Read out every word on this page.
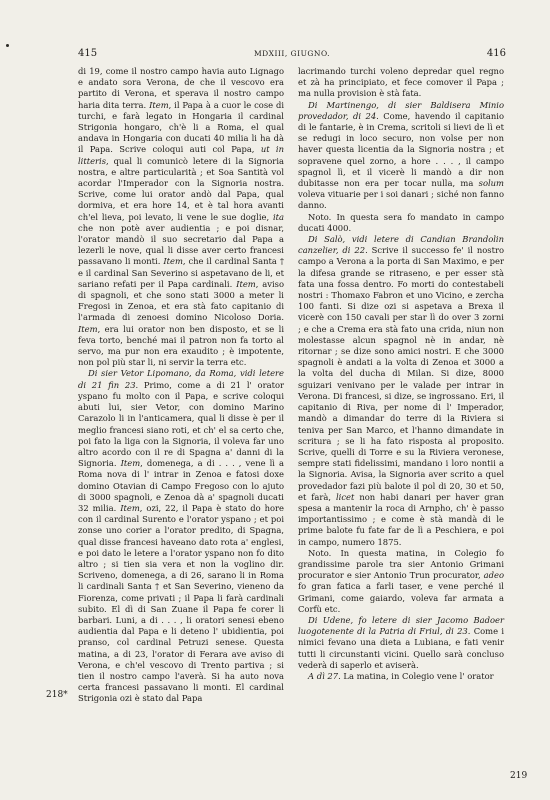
415	MDXIII, GIUGNO.	416

di 19, come il nostro campo havia auto Lignago e andato sora Verona, de che il vescovo era partito di Verona, et sperava il nostro campo haria dita terra. Item, il Papa à a cuor le cose di turchi, e farà legato in Hongaria il cardinal Strigonia hongaro, ch'è li a Roma, el qual andava in Hongaria con ducati 40 milia li ha dà il Papa. Scrive coloqui auti col Papa, ut in litteris, qual li comunicò letere di la Signoria nostra, e altre particularità ; et Soa Santità vol acordar l'Imperador con la Signoria nostra. Scrive, come lui orator andò dal Papa, qual dormiva, et era hore 14, et è tal hora avanti ch'el lieva, poi levato, li vene le sue doglie, ita che non potè aver audientia ; e poi disnar, l'orator mandò il suo secretario dal Papa a lezerli le nove, qual li disse aver certo francesi passavano li monti. Item, che il cardinal Santa † e il cardinal San Severino si aspetavano de li, et sariano refati per il Papa cardinali. Item, aviso di spagnoli, et che sono stati 3000 a meter li Fregosi in Zenoa, et era stà fato capitanio di l'armada di zenoesi domino Nicoloso Doria. Item, era lui orator non ben disposto, et se li feva torto, benché mai il patron non fa torto al servo, ma pur non era exaudito ; è impotente, non pol più star li, ni servir la terra etc.

Di sier Vetor Lipomano, da Roma, vidi letere di 21 fin 23. Primo, come a di 21 l' orator yspano fu molto con il Papa, e scrive coloqui abuti lui, sier Vetor, con domino Marino Carazolo li in l'anticamera, qual li disse è per il meglio francesi siano roti, et ch' el sa certo che, poi fato la liga con la Signoria, il voleva far uno altro acordo con il re di Spagna a' danni di la Signoria. Item, domenega, a di . . . , vene lì a Roma nova di l' intrar in Zenoa e fatosi doxe domino Otavian di Campo Fregoso con lo ajuto di 3000 spagnoli, e Zenoa dà a' spagnoli ducati 32 milia. Item, ozi, 22, il Papa è stato do hore con il cardinal Surento e l'orator yspano ; et poi zonse uno corier a l'orator predito, di Spagna, qual disse francesi haveano dato rota a' englesi, e poi dato le letere a l'orator yspano non fo dito altro ; si tien sia vera et non la voglino dir. Scriveno, domenega, a di 26, sarano li in Roma li cardinali Santa † et San Severino, vieneno da Fiorenza, come privati ; il Papa li farà cardinali subito. El dì di San Zuane il Papa fe corer li barbari. Luni, a di . . . , li oratori senesi ebeno audientia dal Papa e li deteno l' ubidientia, poi pranso, col cardinal Petruzi senese. Questa matina, a di 23, l'orator di Ferara ave aviso di Verona, e ch'el vescovo di Trento partiva ; si tien il nostro campo l'averà. Si ha auto nova certa francesi passavano li monti. El cardinal Strigonia ozi è stato dal Papa

lacrimando turchi voleno depredar quel regno et zà ha principiato, et fece comover il Papa ; ma nulla provision è stà fata.

Di Martinengo, di sier Baldisera Minio provedador, di 24. Come, havendo il capitanio di le fantarie, è in Crema, scritoli si lievi de lì et se redugi in loco securo, non volse per non haver questa licentia da la Signoria nostra ; et sopravene quel zorno, a hore . . . , il campo spagnol lì, et il vicerè li mandò a dir non dubitasse non era per tocar nulla, ma solum voleva vituarie per i soi danari ; siché non fanno danno.

Noto. In questa sera fo mandato in campo ducati 4000.

Di Salò, vidi letere di Candian Brandolin canzelier, di 22. Scrive il successo fe' il nostro campo a Verona a la porta di San Maximo, e per la difesa grande se ritraseno, e per esser stà fata una fossa dentro. Fo morti do contestabeli nostri : Thomaxo Fabron et uno Vicino, e zercha 100 fanti. Si dize ozi si aspetava a Brexa il vicerè con 150 cavali per star lì do over 3 zorni ; e che a Crema era stà fato una crida, niun non molestasse alcun spagnol nè in andar, nè ritornar ; se dize sono amici nostri. E che 3000 spagnoli è andati a la volta di Zenoa et 3000 a la volta del ducha di Milan. Si dize, 8000 sguizari venivano per le valade per intrar in Verona. Di francesi, si dize, se ingrossano. Eri, il capitanio di Riva, per nome di l' Imperador, mandò a dimandar do terre di la Riviera si teniva per San Marco, et l'hanno dimandate in scritura ; se li ha fato risposta al proposito. Scrive, quelli di Torre e su la Riviera veronese, sempre stati fidelissimi, mandano i loro nontii a la Signoria. Avisa, la Signoria aver scrito a quel provedador fazi più balote il pol di 20, 30 et 50, et farà, licet non habi danari per haver gran spesa a mantenir la roca di Arnpho, ch' è passo importantissimo ; e come è stà mandà di le prime balote fu fate far de lì a Peschiera, e poi in campo, numero 1875.

Noto. In questa matina, in Colegio fo grandissime parole tra sier Antonio Grimani procurator e sier Antonio Trun procurator, adeo fo gran fatica a farli taser, e vene perché il Grimani, come gaiardo, voleva far armata a Corfù etc.

Di Udene, fo letere di sier Jacomo Badoer luogotenente di la Patria di Friul, di 23. Come i nimici fevano una dieta a Lubiana, e fati venir tutti li circunstanti vicini. Quello sarà concluso vederà di saperlo et aviserà.

A dì 27. La matina, in Colegio vene l' orator

218*
219
